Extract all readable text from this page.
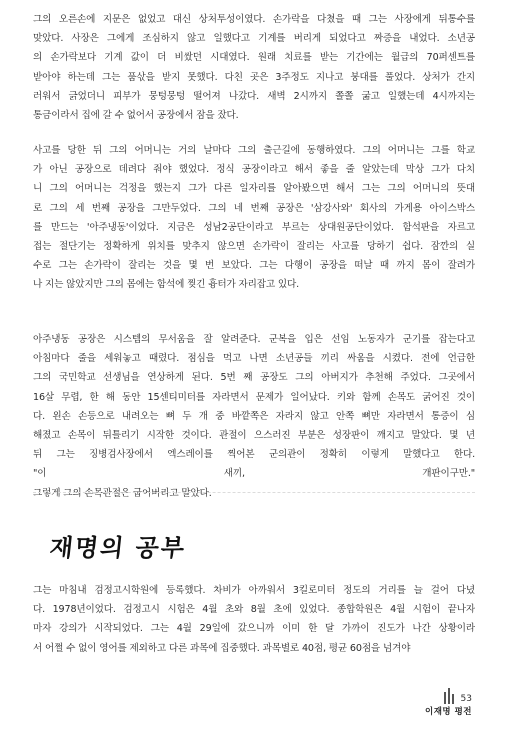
그의 오른손에 지문은 없었고 대신 상처투성이였다. 손가락을 다쳤을 때 그는 사장에게 뒤통수를
맞았다. 사장은 그에게 조심하지 않고 일했다고 기계를 버리게 되었다고 짜증을 내었다. 소년공
의 손가락보다 기계 값이 더 비쌌던 시대였다. 원래 치료를 받는 기간에는 월급의 70퍼센트를
받아야 하는데 그는 품삯을 받지 못했다. 다친 곳은 3주정도 지나고 붕대를 풀었다. 상처가 간지
러워서 긁었더니 피부가 뭉텅뭉텅 떨어져 나갔다. 새벽 2시까지 쫄쫄 굶고 일했는데 4시까지는
통금이라서 집에 갈 수 없어서 공장에서 잠을 잤다.

사고를 당한 뒤 그의 어머니는 거의 날마다 그의 출근길에 동행하였다. 그의 어머니는 그를 학교
가 아닌 공장으로 데려다 줘야 했었다. 정식 공장이라고 해서 좋을 줄 알았는데 막상 그가 다치
니 그의 어머니는 걱정을 했는지 그가 다른 일자리를 알아봤으면 해서 그는 그의 어머니의 뜻대
로 그의 세 번째 공장을 그만두었다. 그의 네 번째 공장은 '삼강사와' 회사의 가게용 아이스박스
를 만드는 '아주냉동'이었다. 지금은 성남2공단이라고 부르는 상대원공단이었다. 함석판을 자르고
접는 절단기는 정확하게 위치를 맞추지 않으면 손가락이 잘리는 사고를 당하기 쉽다. 잠깐의 실
수로 그는 손가락이 잘리는 것을 몇 번 보았다. 그는 다행이 공장을 떠날 때 까지 몸이 잘려가
나 지는 않았지만 그의 몸에는 함석에 찢긴 흉터가 자리잡고 있다.

아주냉동 공장은 시스템의 무서움을 잘 알려준다. 군복을 입은 선임 노동자가 군기를 잡는다고
아침마다 줄을 세워놓고 때렸다. 점심을 먹고 나면 소년공들 끼리 싸움을 시켰다. 전에 언급한
그의 국민학교 선생님을 연상하게 된다. 5번 째 공장도 그의 아버지가 추천해 주었다. 그곳에서
16살 무렵, 한 해 동안 15센티미터를 자라면서 문제가 일어났다. 키와 함께 손목도 굵어진 것이
다. 왼손 손등으로 내려오는 뼈 두 개 중 바깥쪽은 자라지 않고 안쪽 뼈만 자라면서 통증이 심
해졌고 손목이 뒤틀리기 시작한 것이다. 관절이 으스러진 부분은 성장판이 깨지고 말았다. 몇 년
뒤 그는 징병검사장에서 엑스레이를 찍어본 군의관이 정확히 이렇게 말했다고 한다.
"이 새끼, 개판이구만."
그렇게 그의 손목관절은 굽어버리고 말았다.

재명의 공부

그는 마침내 검정고시학원에 등록했다. 차비가 아까워서 3킬로미터 정도의 거리를 늘 걸어 다녔
다. 1978년이었다. 검정고시 시험은 4월 초와 8월 초에 있었다. 종합학원은 4월 시험이 끝나자
마자 강의가 시작되었다. 그는 4월 29일에 갔으니까 이미 한 달 가까이 진도가 나간 상황이라
서 어쩔 수 없이 영어를 제외하고 다른 과목에 집중했다. 과목별로 40점, 평균 60점을 넘겨야

53
이재명 평전
